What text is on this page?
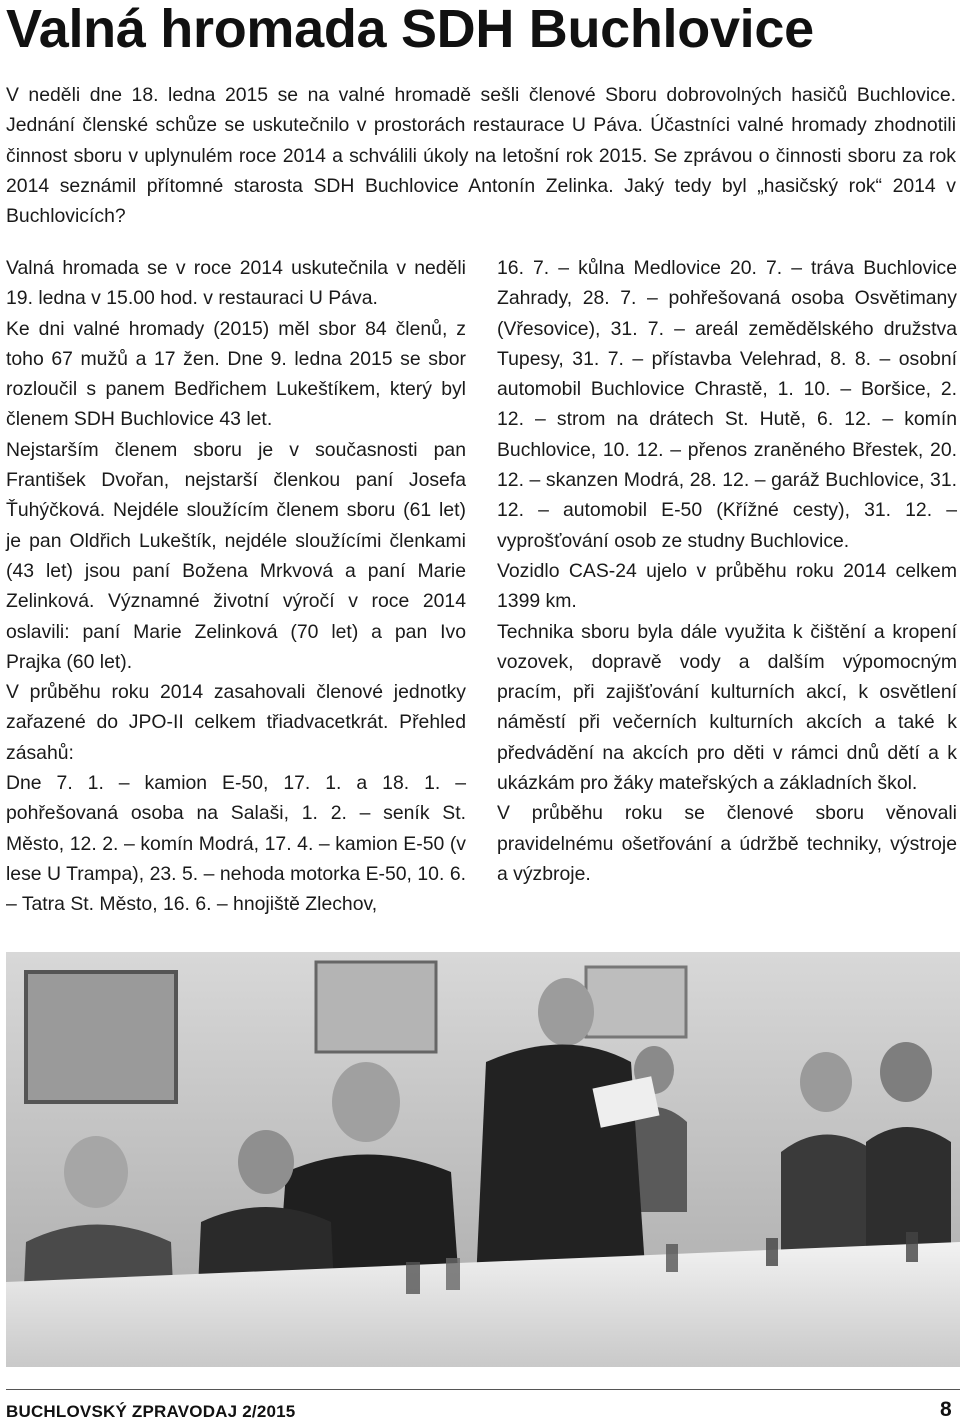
Valná hromada SDH Buchlovice

V neděli dne 18. ledna 2015 se na valné hromadě sešli členové Sboru dobrovolných hasičů Buchlovice. Jednání členské schůze se uskutečnilo v prostorách restaurace U Páva. Účastníci valné hromady zhodnotili činnost sboru v uplynulém roce 2014 a schválili úkoly na letošní rok 2015. Se zprávou o činnosti sboru za rok 2014 seznámil přítomné starosta SDH Buchlovice Antonín Zelinka. Jaký tedy byl „hasičský rok“ 2014 v Buchlovicích?

Valná hromada se v roce 2014 uskutečnila v neděli 19. ledna v 15.00 hod. v restauraci U Páva.

Ke dni valné hromady (2015) měl sbor 84 členů, z toho 67 mužů a 17 žen. Dne 9. ledna 2015 se sbor rozloučil s panem Bedřichem Lukeštíkem, který byl členem SDH Buchlovice 43 let.

Nejstarším členem sboru je v současnosti pan František Dvořan, nejstarší členkou paní Josefa Ťuhýčková. Nejdéle sloužícím členem sboru (61 let) je pan Oldřich Lukeštík, nejdéle sloužícími členkami (43 let) jsou paní Božena Mrkvová a paní Marie Zelinková. Významné životní výročí v roce 2014 oslavili: paní Marie Zelinková (70 let) a pan Ivo Prajka (60 let).

V průběhu roku 2014 zasahovali členové jednotky zařazené do JPO-II celkem třiadvacetkrát. Přehled zásahů:

Dne 7. 1. – kamion E-50, 17. 1. a 18. 1. – pohřešovaná osoba na Salaši, 1. 2. – seník St. Město, 12. 2. – komín Modrá, 17. 4. – kamion E-50 (v lese U Trampa), 23. 5. – nehoda motorka E-50, 10. 6. – Tatra St. Město, 16. 6. – hnojiště Zlechov,

16. 7. – kůlna Medlovice 20. 7. – tráva Buchlovice Zahrady, 28. 7. – pohřešovaná osoba Osvětimany (Vřesovice), 31. 7. – areál zemědělského družstva Tupesy, 31. 7. – přístavba Velehrad, 8. 8. – osobní automobil Buchlovice Chrastě, 1. 10. – Boršice, 2. 12. – strom na drátech St. Hutě, 6. 12. – komín Buchlovice, 10. 12. – přenos zraněného Břestek, 20. 12. – skanzen Modrá, 28. 12. – garáž Buchlovice, 31. 12. – automobil E-50 (Křížné cesty), 31. 12. – vyprošťování osob ze studny Buchlovice.

Vozidlo CAS-24 ujelo v průběhu roku 2014 celkem 1399 km.

Technika sboru byla dále využita k čištění a kropení vozovek, dopravě vody a dalším výpomocným pracím, při zajišťování kulturních akcí, k osvětlení náměstí při večerních kulturních akcích a také k předvádění na akcích pro děti v rámci dnů dětí a k ukázkám pro žáky mateřských a základních škol.

V průběhu roku se členové sboru věnovali pravidelnému ošetřování a údržbě techniky, výstroje a výzbroje.

BUCHLOVSKÝ ZPRAVODAJ 2/2015	8
